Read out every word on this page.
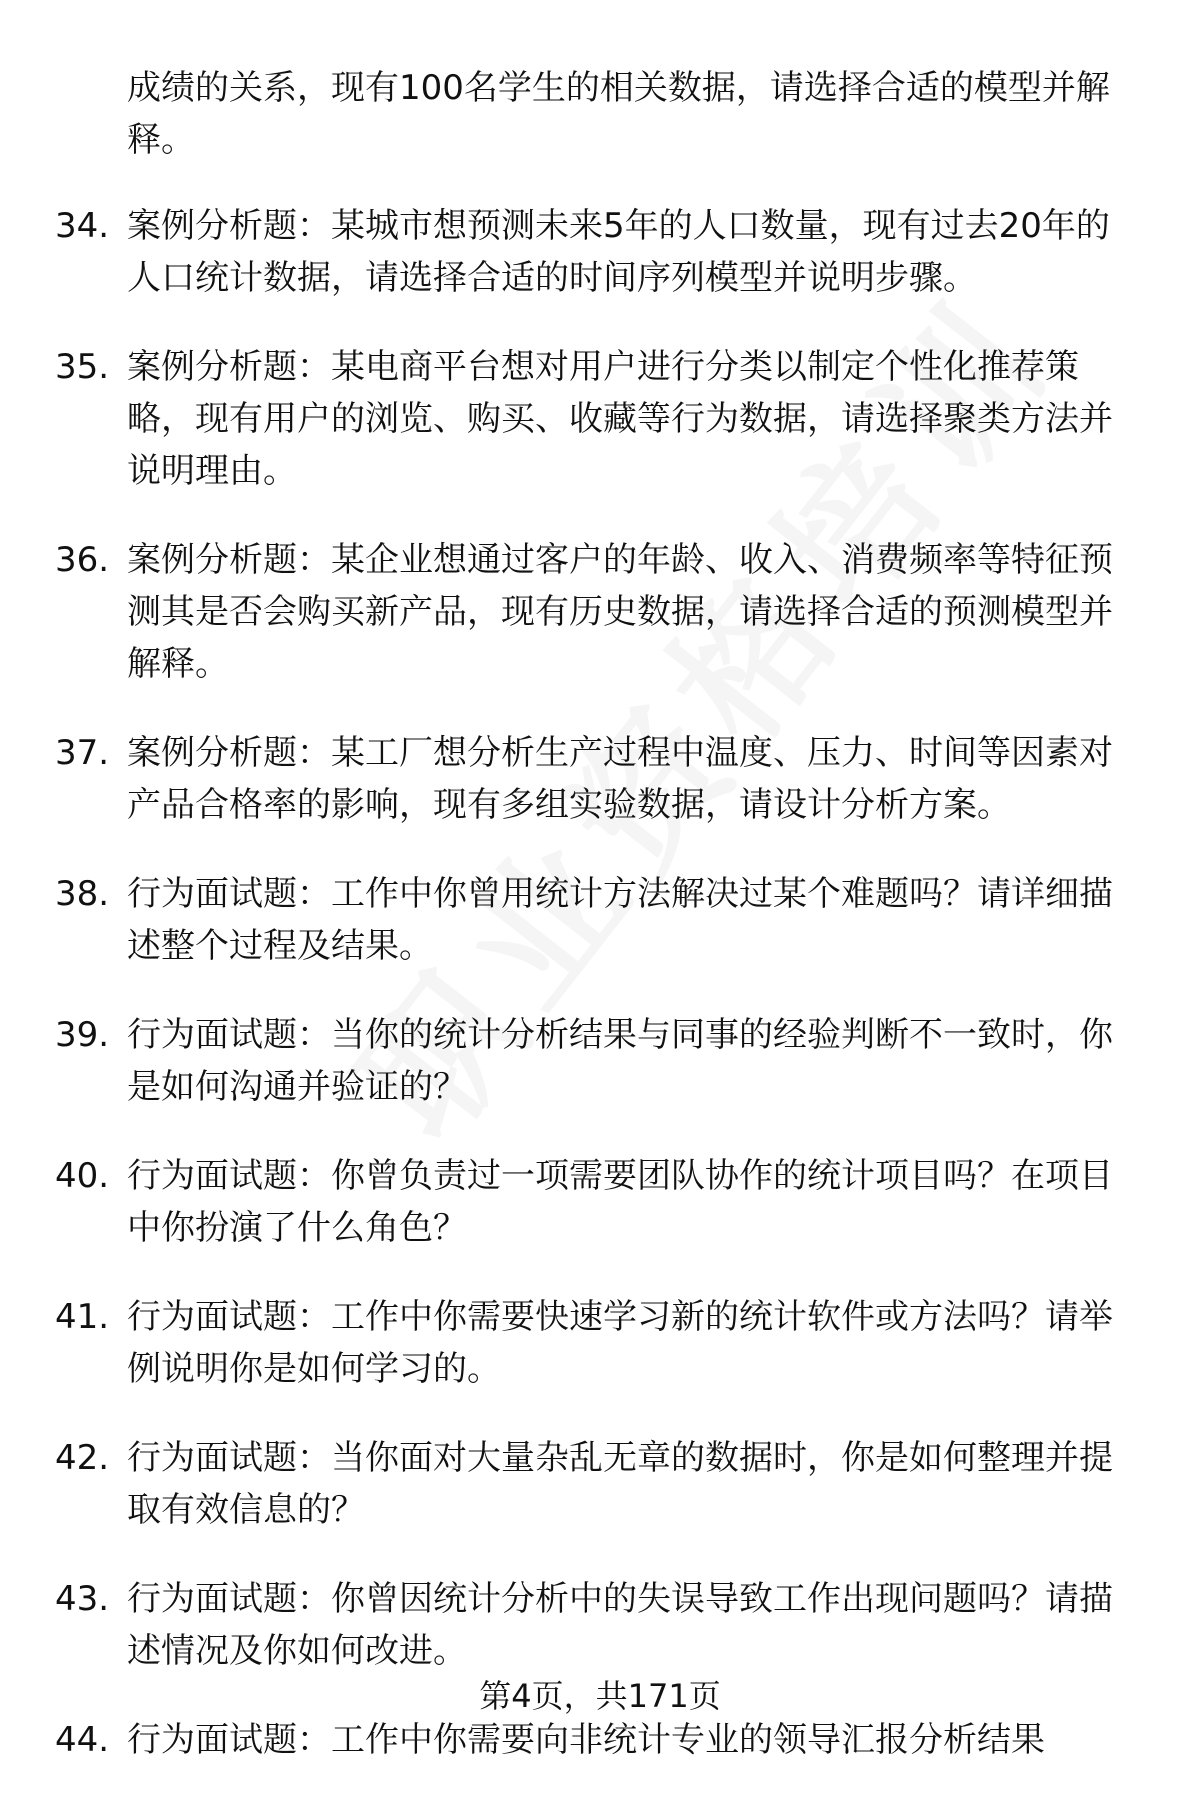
成绩的关系，现有100名学生的相关数据，请选择合适的模型并解释。

34. 案例分析题：某城市想预测未来5年的人口数量，现有过去20年的人口统计数据，请选择合适的时间序列模型并说明步骤。
35. 案例分析题：某电商平台想对用户进行分类以制定个性化推荐策略，现有用户的浏览、购买、收藏等行为数据，请选择聚类方法并说明理由。
36. 案例分析题：某企业想通过客户的年龄、收入、消费频率等特征预测其是否会购买新产品，现有历史数据，请选择合适的预测模型并解释。
37. 案例分析题：某工厂想分析生产过程中温度、压力、时间等因素对产品合格率的影响，现有多组实验数据，请设计分析方案。
38. 行为面试题：工作中你曾用统计方法解决过某个难题吗？请详细描述整个过程及结果。
39. 行为面试题：当你的统计分析结果与同事的经验判断不一致时，你是如何沟通并验证的？
40. 行为面试题：你曾负责过一项需要团队协作的统计项目吗？在项目中你扮演了什么角色？
41. 行为面试题：工作中你需要快速学习新的统计软件或方法吗？请举例说明你是如何学习的。
42. 行为面试题：当你面对大量杂乱无章的数据时，你是如何整理并提取有效信息的？
43. 行为面试题：你曾因统计分析中的失误导致工作出现问题吗？请描述情况及你如何改进。
44. 行为面试题：工作中你需要向非统计专业的领导汇报分析结果
第4页，共171页
